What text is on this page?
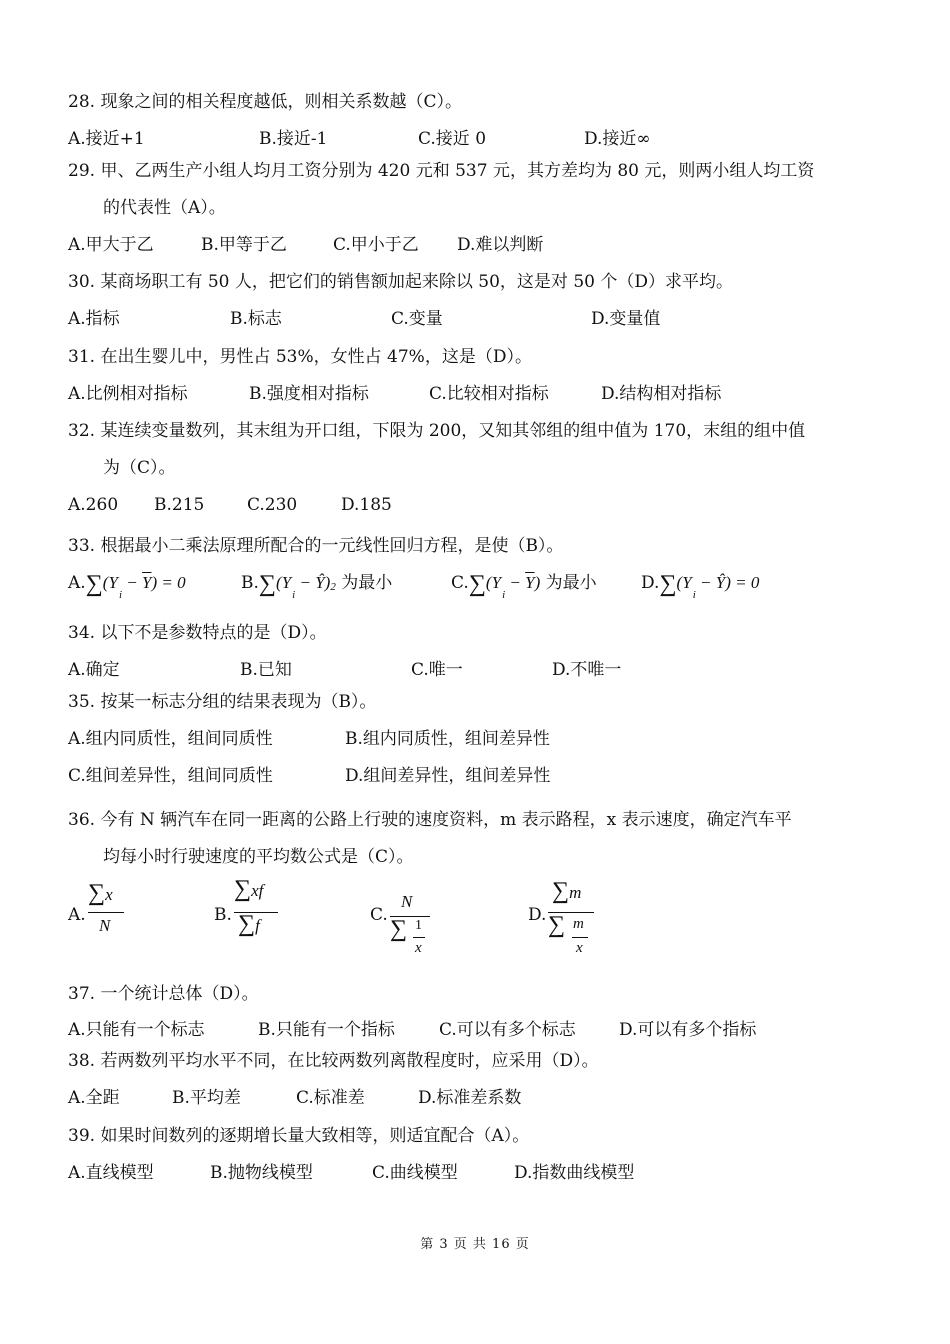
28. 现象之间的相关程度越低，则相关系数越（C）。
A.接近+1	B.接近-1	C.接近 0	D.接近∞
29. 甲、乙两生产小组人均月工资分别为 420 元和 537 元，其方差均为 80 元，则两小组人均工资
的代表性（A）。
A.甲大于乙	B.甲等于乙	C.甲小于乙 D.难以判断
30. 某商场职工有 50 人，把它们的销售额加起来除以 50，这是对 50 个（D）求平均。
A.指标	B.标志	C.变量	D.变量值
31. 在出生婴儿中，男性占 53%，女性占 47%，这是（D）。
A.比例相对指标	B.强度相对指标	C.比较相对指标	D.结构相对指标
32. 某连续变量数列，其末组为开口组，下限为 200，又知其邻组的组中值为 170，末组的组中值
为（C）。
A.260 B.215	C.230	D.185
33. 根据最小二乘法原理所配合的一元线性回归方程，是使（B）。
$A.\sum(Y_i - \overline{Y}) = 0$	$B.\sum(Y_i$ − Ŷ)2 为最小	$C.\sum(Y_i - \overline{Y})$ 为最小	$D.\sum(Y_i$ − Ŷ) = 0
34. 以下不是参数特点的是（D）。
A.确定	B.已知	C.唯一	D.不唯一
35. 按某一标志分组的结果表现为（B）。
A.组内同质性，组间同质性	B.组内同质性，组间差异性
C.组间差异性，组间同质性	D.组间差异性，组间差异性
36. 今有 N 辆汽车在同一距离的公路上行驶的速度资料，m 表示路程，x 表示速度，确定汽车平
均每小时行驶速度的平均数公式是（C）。
A.
∑x
N
B.
∑xf
∑f
C.
N
∑ 1
x
D.
∑m
∑ m
x
37. 一个统计总体（D）。
A.只能有一个标志	B.只能有一个指标	C.可以有多个标志	D.可以有多个指标
38. 若两数列平均水平不同，在比较两数列离散程度时，应采用（D）。
A.全距	B.平均差	C.标准差	D.标准差系数
39. 如果时间数列的逐期增长量大致相等，则适宜配合（A）。
A.直线模型	B.抛物线模型	C.曲线模型	D.指数曲线模型
第 3 页 共 16 页
